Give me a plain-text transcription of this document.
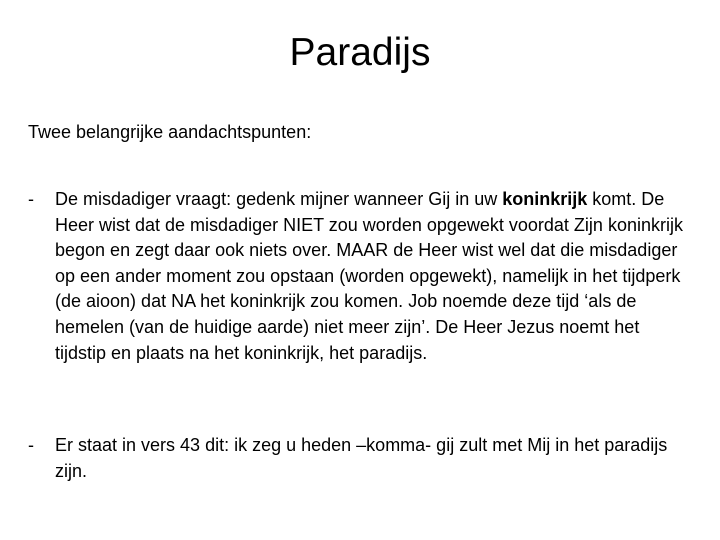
Paradijs
Twee belangrijke aandachtspunten:
- De misdadiger vraagt: gedenk mijner wanneer Gij in uw koninkrijk komt. De Heer wist dat de misdadiger NIET zou worden opgewekt voordat Zijn koninkrijk begon en zegt daar ook niets over. MAAR de Heer wist wel dat die misdadiger op een ander moment zou opstaan (worden opgewekt), namelijk in het tijdperk (de aioon) dat NA het koninkrijk zou komen. Job noemde deze tijd ‘als de hemelen (van de huidige aarde) niet meer zijn’. De Heer Jezus noemt het tijdstip en plaats na het koninkrijk, het paradijs.
- Er staat in vers 43 dit: ik zeg u heden –komma- gij zult met Mij in het paradijs zijn.
